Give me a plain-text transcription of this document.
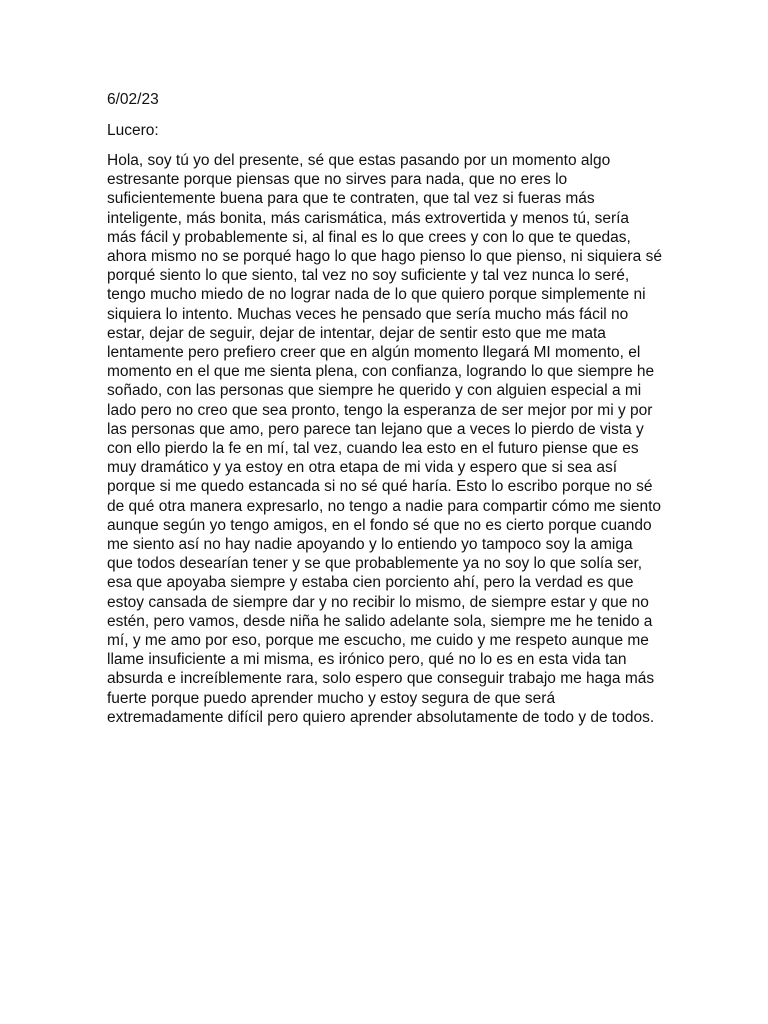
6/02/23

Lucero:

Hola, soy tú yo del presente, sé que estas pasando por un momento algo estresante porque piensas que no sirves para nada, que no eres lo suficientemente buena para que te contraten, que tal vez si fueras más inteligente, más bonita, más carismática, más extrovertida y menos tú, sería más fácil y probablemente si, al final es lo que crees y con lo que te quedas, ahora mismo no se porqué hago lo que hago pienso lo que pienso, ni siquiera sé porqué siento lo que siento, tal vez no soy suficiente y tal vez nunca lo seré, tengo mucho miedo de no lograr nada de lo que quiero porque simplemente ni siquiera lo intento. Muchas veces he pensado que sería mucho más fácil no estar, dejar de seguir, dejar de intentar, dejar de sentir esto que me mata lentamente pero prefiero creer que en algún momento llegará MI momento, el momento en el que me sienta plena, con confianza, logrando lo que siempre he soñado, con las personas que siempre he querido y con alguien especial a mi lado pero no creo que sea pronto, tengo la esperanza de ser mejor por mi y por las personas que amo, pero parece tan lejano que a veces lo pierdo de vista y con ello pierdo la fe en mí, tal vez, cuando lea esto en el futuro piense que es muy dramático y ya estoy en otra etapa de mi vida y espero que si sea así porque si me quedo estancada si no sé qué haría. Esto lo escribo porque no sé de qué otra manera expresarlo, no tengo a nadie para compartir cómo me siento aunque según yo tengo amigos, en el fondo sé que no es cierto porque cuando me siento así no hay nadie apoyando y lo entiendo yo tampoco soy la amiga que todos desearían tener y se que probablemente ya no soy lo que solía ser, esa que apoyaba siempre y estaba cien porciento ahí, pero la verdad es que estoy cansada de siempre dar y no recibir lo mismo, de siempre estar y que no estén, pero vamos, desde niña he salido adelante sola, siempre me he tenido a mí, y me amo por eso, porque me escucho, me cuido y me respeto aunque me llame insuficiente a mi misma, es irónico pero, qué no lo es en esta vida tan absurda e increíblemente rara, solo espero que conseguir trabajo me haga más fuerte porque puedo aprender mucho y estoy segura de que será extremadamente difícil pero quiero aprender absolutamente de todo y de todos.
